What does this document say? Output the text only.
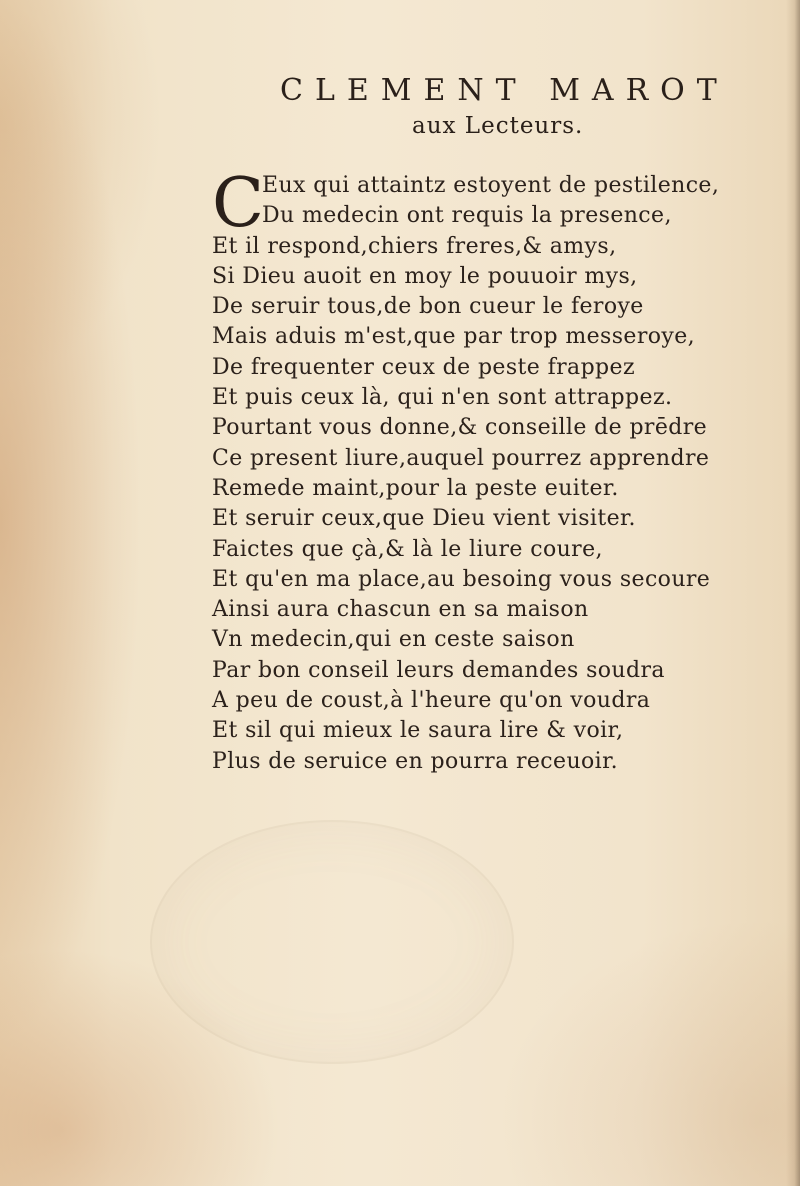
CLEMENT MAROT
aux Lecteurs.
C
Eux qui attaintz estoyent de pestilence,
Du medecin ont requis la presence,
Et il respond,chiers freres,& amys,
Si Dieu auoit en moy le pouuoir mys,
De seruir tous,de bon cueur le feroye
Mais aduis m'est,que par trop messeroye,
De frequenter ceux de peste frappez
Et puis ceux là, qui n'en sont attrappez.
Pourtant vous donne,& conseille de prēdre
Ce present liure,auquel pourrez apprendre
Remede maint,pour la peste euiter.
Et seruir ceux,que Dieu vient visiter.
Faictes que çà,& là le liure coure,
Et qu'en ma place,au besoing vous secoure
Ainsi aura chascun en sa maison
Vn medecin,qui en ceste saison
Par bon conseil leurs demandes soudra
A peu de coust,à l'heure qu'on voudra
Et sil qui mieux le saura lire & voir,
Plus de seruice en pourra receuoir.
